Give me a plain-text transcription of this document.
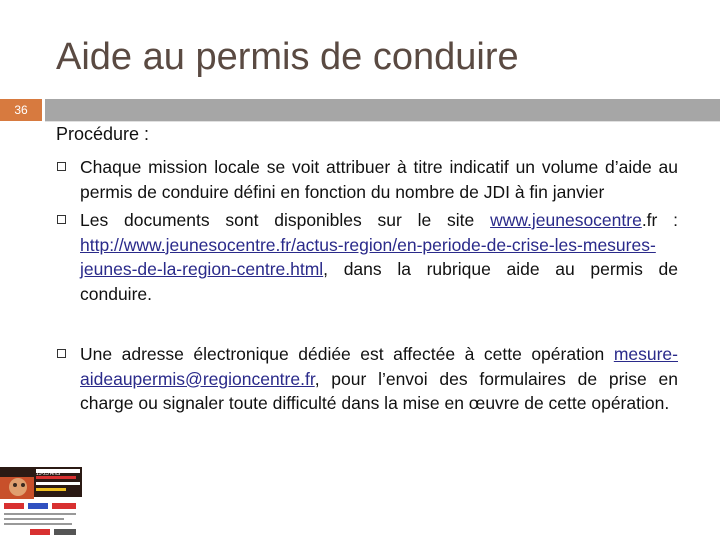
Aide au permis de conduire
36
Procédure :
Chaque mission locale se voit attribuer à titre indicatif un volume d’aide au permis de conduire défini en fonction du nombre de JDI à fin janvier
Les documents sont disponibles sur le site www.jeunesocentre.fr : http://www.jeunesocentre.fr/actus-region/en-periode-de-crise-les-mesures-jeunes-de-la-region-centre.html, dans la rubrique aide au permis de conduire.
Une adresse électronique dédiée est affectée à cette opération mesure-aideaupermis@regioncentre.fr, pour l’envoi des formulaires de prise en charge ou signaler toute difficulté dans la mise en œuvre de cette opération.
15-25 ANS
